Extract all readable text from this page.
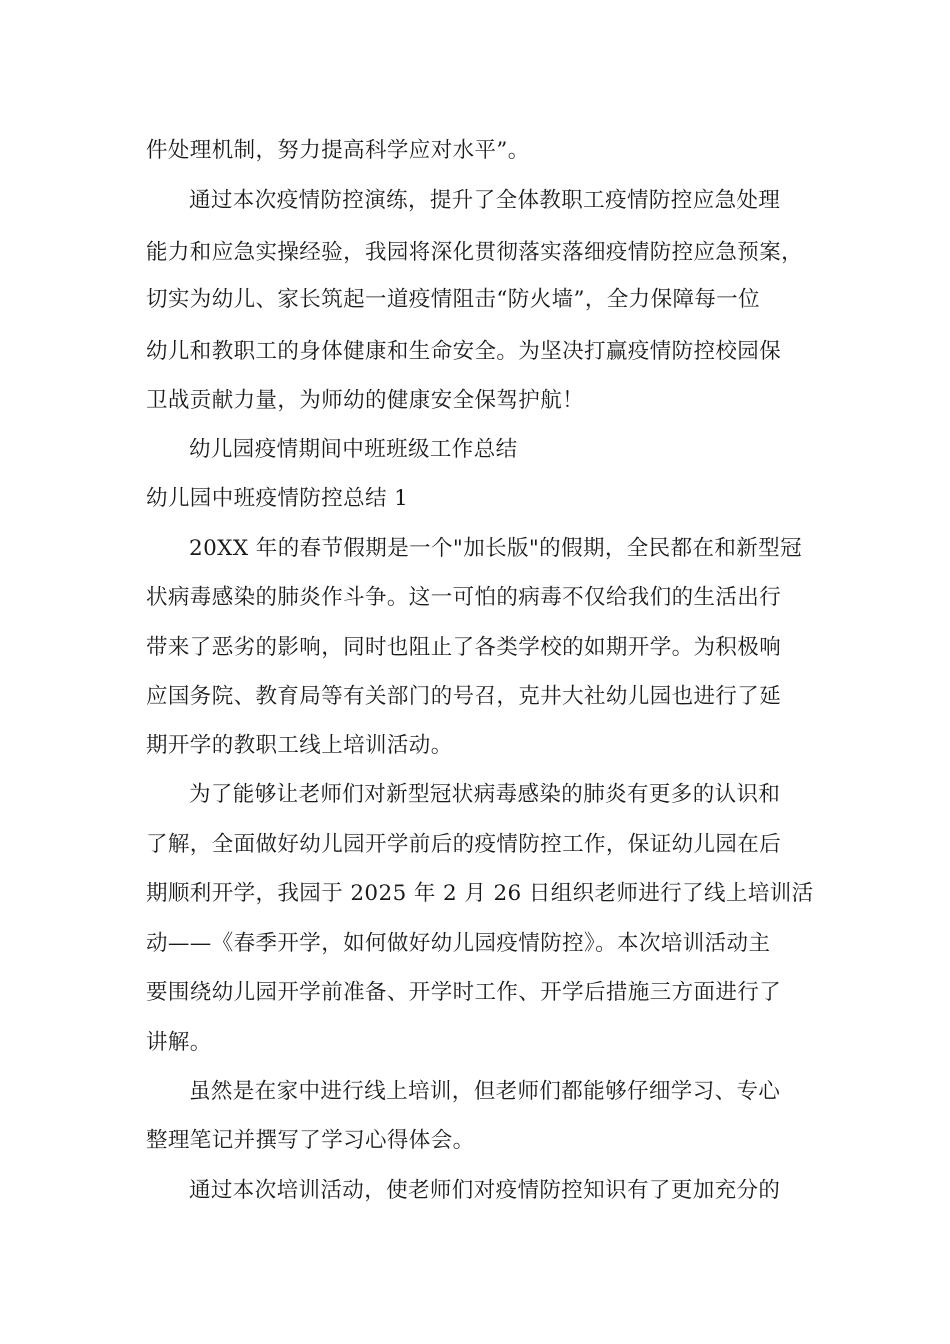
件处理机制，努力提高科学应对水平”。
通过本次疫情防控演练，提升了全体教职工疫情防控应急处理
能力和应急实操经验，我园将深化贯彻落实落细疫情防控应急预案，
切实为幼儿、家长筑起一道疫情阻击“防火墙”，全力保障每一位
幼儿和教职工的身体健康和生命安全。为坚决打赢疫情防控校园保
卫战贡献力量，为师幼的健康安全保驾护航！
幼儿园疫情期间中班班级工作总结
幼儿园中班疫情防控总结 1
20XX 年的春节假期是一个"加长版"的假期，全民都在和新型冠
状病毒感染的肺炎作斗争。这一可怕的病毒不仅给我们的生活出行
带来了恶劣的影响，同时也阻止了各类学校的如期开学。为积极响
应国务院、教育局等有关部门的号召，克井大社幼儿园也进行了延
期开学的教职工线上培训活动。
为了能够让老师们对新型冠状病毒感染的肺炎有更多的认识和
了解，全面做好幼儿园开学前后的疫情防控工作，保证幼儿园在后
期顺利开学，我园于 2025 年 2 月 26 日组织老师进行了线上培训活
动——《春季开学，如何做好幼儿园疫情防控》。本次培训活动主
要围绕幼儿园开学前准备、开学时工作、开学后措施三方面进行了
讲解。
虽然是在家中进行线上培训，但老师们都能够仔细学习、专心
整理笔记并撰写了学习心得体会。
通过本次培训活动，使老师们对疫情防控知识有了更加充分的
